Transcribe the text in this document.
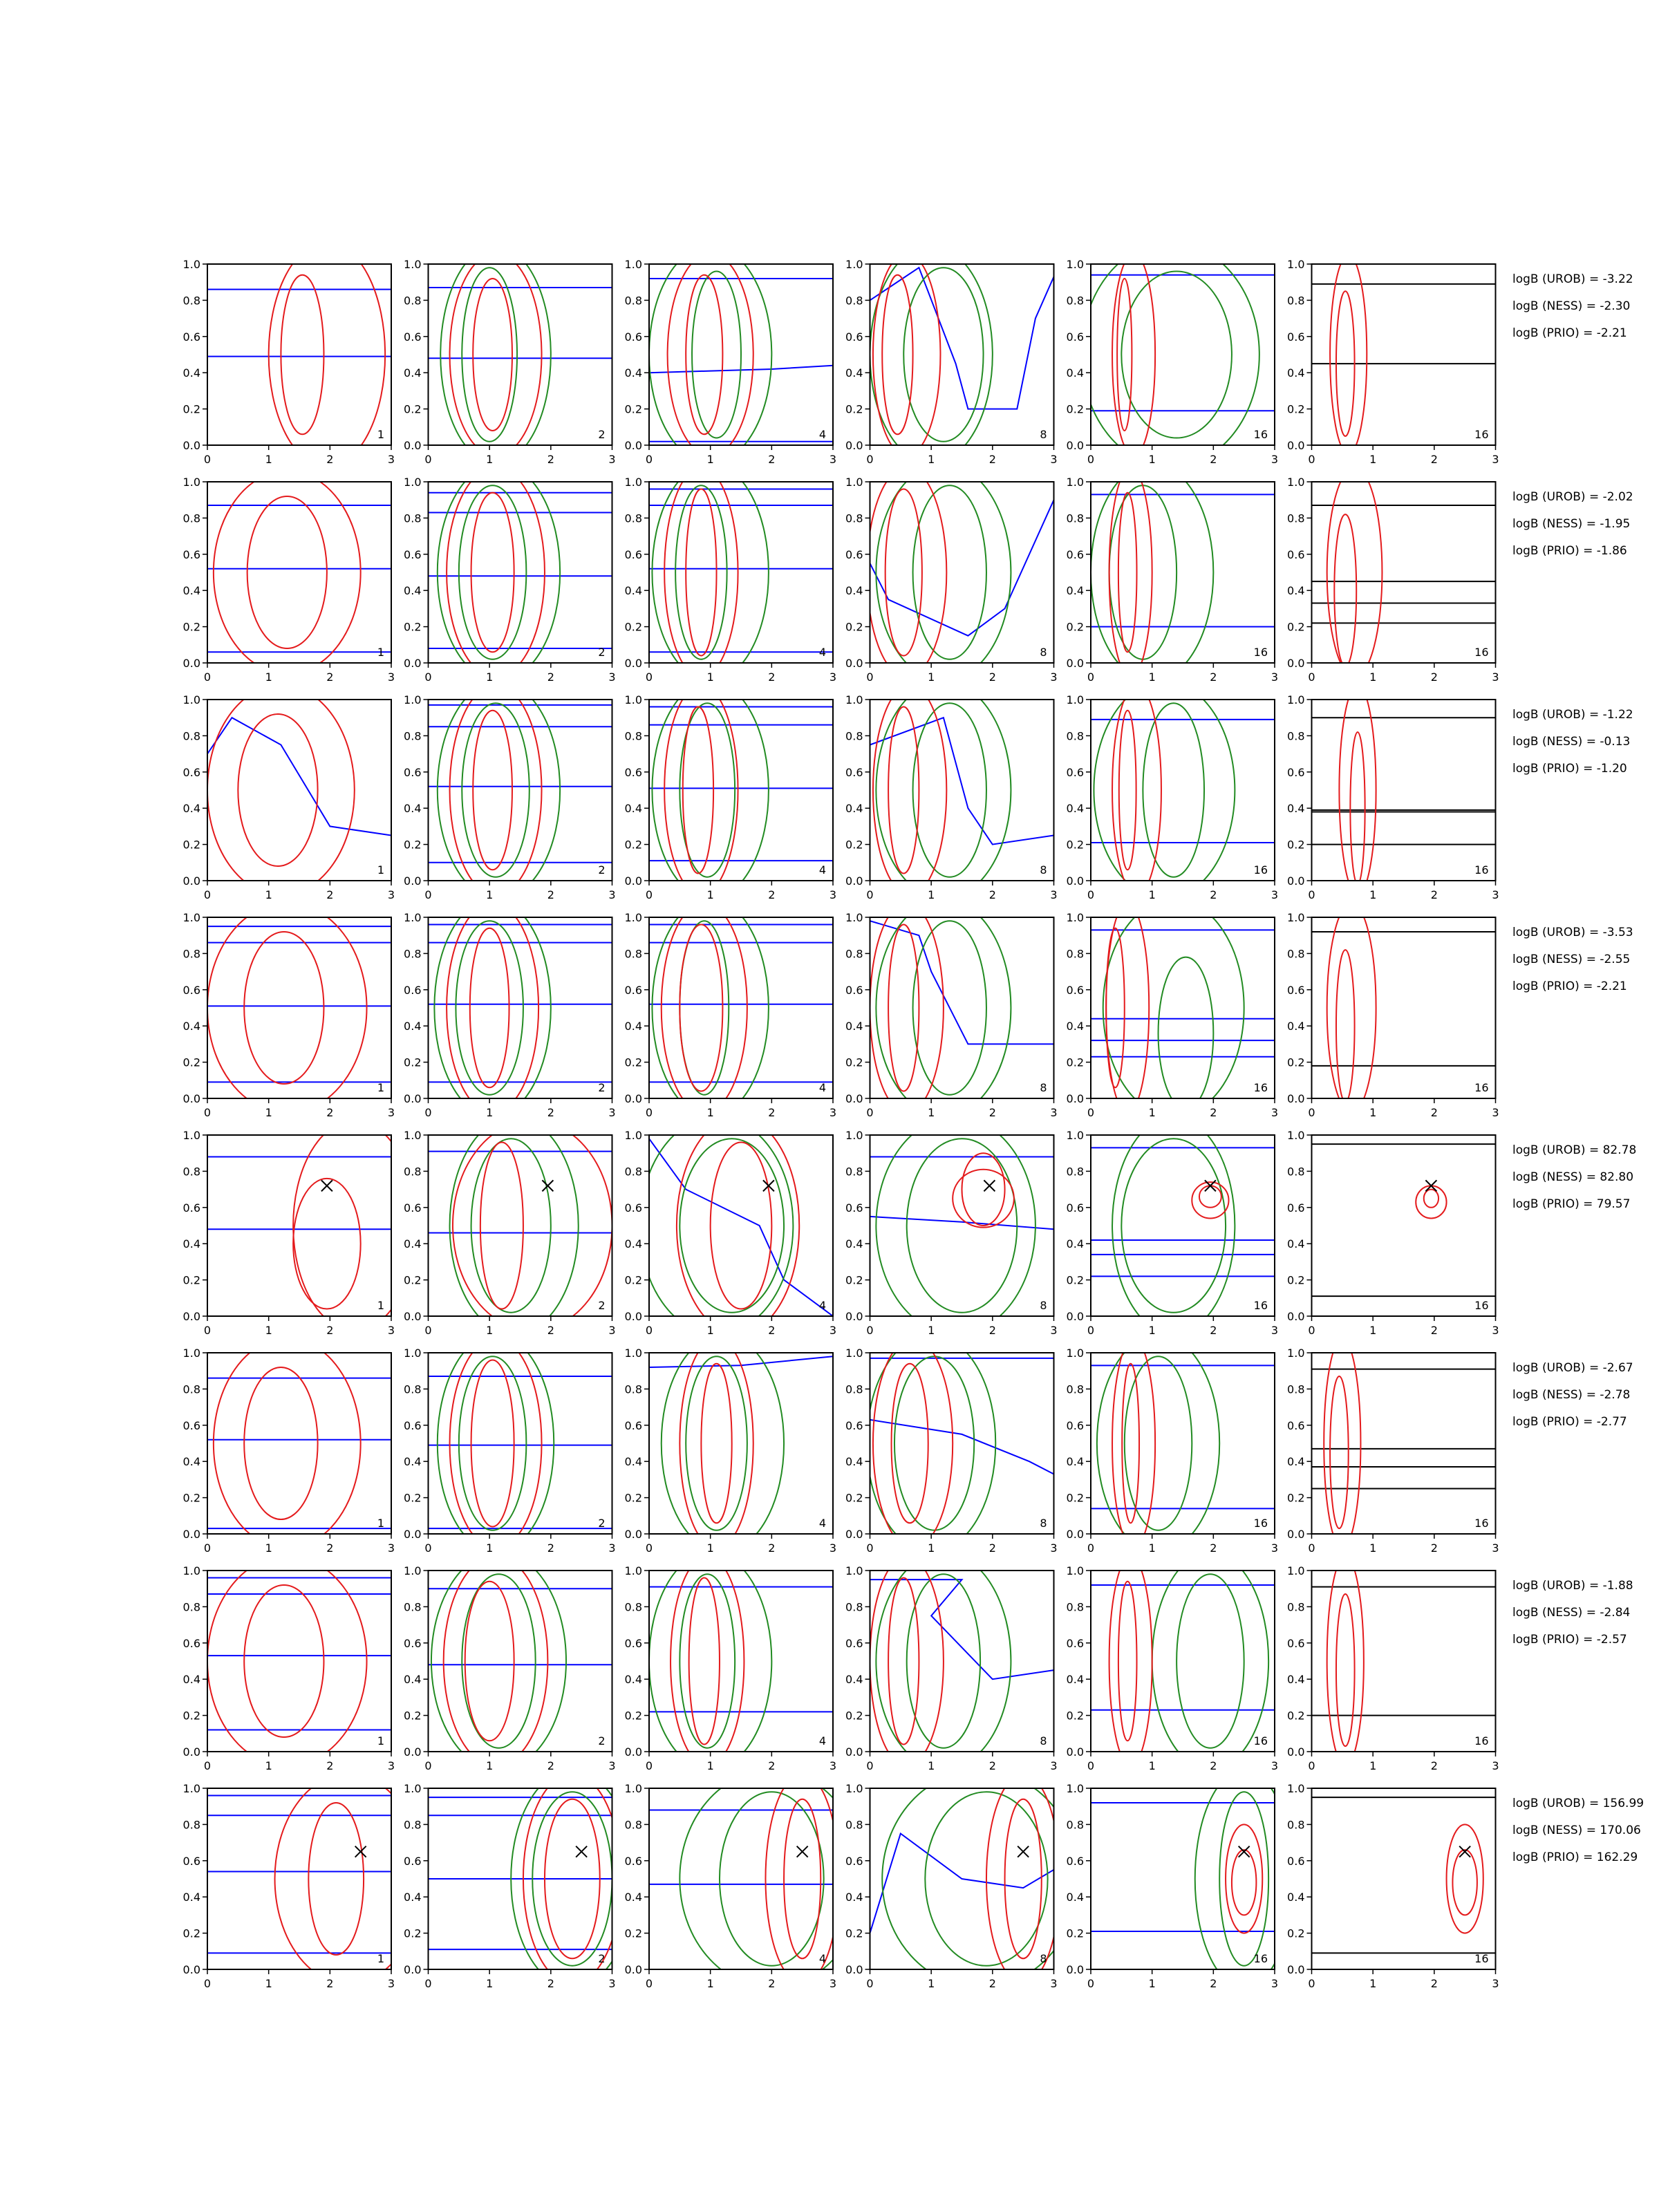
0.0
0.2
0.4
0.6
0.8
1.0
0	1	2	3
1
0.0
0.2
0.4
0.6
0.8
1.0
0	1	2	3
2
0.0
0.2
0.4
0.6
0.8
1.0
0	1	2	3
4
0.0
0.2
0.4
0.6
0.8
1.0
0	1	2	3
8
0.0
0.2
0.4
0.6
0.8
1.0
0	1	2	3
16
0.0
0.2
0.4
0.6
0.8
1.0
0	1	2	3
16
logB (UROB) = -3.22
logB (NESS) = -2.30
logB (PRIO) = -2.21
0.0
0.2
0.4
0.6
0.8
1.0
0	1	2	3
1
0.0
0.2
0.4
0.6
0.8
1.0
0	1	2	3
2
0.0
0.2
0.4
0.6
0.8
1.0
0	1	2	3
4
0.0
0.2
0.4
0.6
0.8
1.0
0	1	2	3
8
0.0
0.2
0.4
0.6
0.8
1.0
0	1	2	3
16
0.0
0.2
0.4
0.6
0.8
1.0
0	1	2	3
16
logB (UROB) = -2.02
logB (NESS) = -1.95
logB (PRIO) = -1.86
0.0
0.2
0.4
0.6
0.8
1.0
0	1	2	3
1
0.0
0.2
0.4
0.6
0.8
1.0
0	1	2	3
2
0.0
0.2
0.4
0.6
0.8
1.0
0	1	2	3
4
0.0
0.2
0.4
0.6
0.8
1.0
0	1	2	3
8
0.0
0.2
0.4
0.6
0.8
1.0
0	1	2	3
16
0.0
0.2
0.4
0.6
0.8
1.0
0	1	2	3
16
logB (UROB) = -1.22
logB (NESS) = -0.13
logB (PRIO) = -1.20
0.0
0.2
0.4
0.6
0.8
1.0
0	1	2	3
1
0.0
0.2
0.4
0.6
0.8
1.0
0	1	2	3
2
0.0
0.2
0.4
0.6
0.8
1.0
0	1	2	3
4
0.0
0.2
0.4
0.6
0.8
1.0
0	1	2	3
8
0.0
0.2
0.4
0.6
0.8
1.0
0	1	2	3
16
0.0
0.2
0.4
0.6
0.8
1.0
0	1	2	3
16
logB (UROB) = -3.53
logB (NESS) = -2.55
logB (PRIO) = -2.21
0.0
0.2
0.4
0.6
0.8
1.0
0	1	2	3
1
0.0
0.2
0.4
0.6
0.8
1.0
0	1	2	3
2
0.0
0.2
0.4
0.6
0.8
1.0
0	1	2	3
4
0.0
0.2
0.4
0.6
0.8
1.0
0	1	2	3
8
0.0
0.2
0.4
0.6
0.8
1.0
0	1	2	3
16
0.0
0.2
0.4
0.6
0.8
1.0
0	1	2	3
16
logB (UROB) = 82.78
logB (NESS) = 82.80
logB (PRIO) = 79.57
0.0
0.2
0.4
0.6
0.8
1.0
0	1	2	3
1
0.0
0.2
0.4
0.6
0.8
1.0
0	1	2	3
2
0.0
0.2
0.4
0.6
0.8
1.0
0	1	2	3
4
0.0
0.2
0.4
0.6
0.8
1.0
0	1	2	3
8
0.0
0.2
0.4
0.6
0.8
1.0
0	1	2	3
16
0.0
0.2
0.4
0.6
0.8
1.0
0	1	2	3
16
logB (UROB) = -2.67
logB (NESS) = -2.78
logB (PRIO) = -2.77
0.0
0.2
0.4
0.6
0.8
1.0
0	1	2	3
1
0.0
0.2
0.4
0.6
0.8
1.0
0	1	2	3
2
0.0
0.2
0.4
0.6
0.8
1.0
0	1	2	3
4
0.0
0.2
0.4
0.6
0.8
1.0
0	1	2	3
8
0.0
0.2
0.4
0.6
0.8
1.0
0	1	2	3
16
0.0
0.2
0.4
0.6
0.8
1.0
0	1	2	3
16
logB (UROB) = -1.88
logB (NESS) = -2.84
logB (PRIO) = -2.57
0.0
0.2
0.4
0.6
0.8
1.0
0	1	2	3
1
0.0
0.2
0.4
0.6
0.8
1.0
0	1	2	3
2
0.0
0.2
0.4
0.6
0.8
1.0
0	1	2	3
4
0.0
0.2
0.4
0.6
0.8
1.0
0	1	2	3
8
0.0
0.2
0.4
0.6
0.8
1.0
0	1	2	3
16
0.0
0.2
0.4
0.6
0.8
1.0
0	1	2	3
16
logB (UROB) = 156.99
logB (NESS) = 170.06
logB (PRIO) = 162.29
